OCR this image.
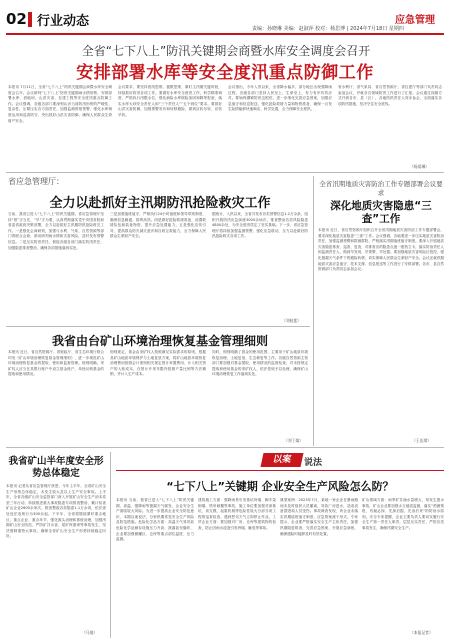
02 行业动态	应急管理
责编：孙晓琳 美编：赵淑萍 校对：杨思博 | 2024年7月18日 星期四
全省“七下八上”防汛关键期会商暨水库安全调度会召开
安排部署水库等安全度汛重点防御工作
本报讯 7月11日，全省“七下八上”防汛关键期会商暨水库安全调度会召开。会议研判“七下八上”防汛关键期雨水情形势，安排部署水库、淤地坝、山洪灾害、在建工程等安全度汛重点防御工作。会议强调，各级各部门要深刻认识当前防汛形势的严峻性、复杂性，压紧压实各方面责任，加强监测预报预警，强化水库调度运用和巡查防守，突出抓好山洪灾害防御，确保人民群众生命财产安全。
会议要求，要坚持底线思维、极限思维，紧盯主汛期关键时段，持续抓好防汛各项工作。要做好水库安全度汛工作，科学精准调度，严格执行汛限水位，强化病险水库除险加固和降等报废，落实水库大坝安全责任人和“三个责任人”“五个到位”要求。要抓好山洪灾害防御，加强预警发布和转移避险，做到应转尽转、应转早转。
会议指出，今年入汛以来，全省降水偏多，部分地区出现强降雨过程，各级各部门坚持人民至上、生命至上，有力有序有效应对。要始终绷紧防汛这根弦，进一步细化完善应急预案，加强应急值守和信息报送，强化抢险救援力量和物资准备，确保一旦发生险情能够快速响应、科学处置，全力保障安全度汛。
省水利厅、省气象局、省自然资源厅、省住建厅等部门负责同志参加会议，并就各自领域防汛工作进行了汇报。会议通过视频方式开到各市、县（区），各地防汛责任人同步参会，全面落实各项防汛措施，坚决守住安全底线。
（杨爱琳）
省应急管理厅：
全力以赴抓好主汛期防汛抢险救灾工作
当前，我省已进入“七下八上”防汛关键期，省应急管理厅坚持“预”字当先、“早”字为要，认真贯彻落实党中央国务院和省委省政府决策部署，全力以赴抓好主汛期防汛抢险救灾工作。一是强化会商研判，加强与水利、气象、自然资源等部门的联合会商，滚动研判雨水情和灾害风险，及时发布预警信息。二是压实防汛责任，督促各级各部门落实防汛责任，加强隐患排查整治，确保各项措施落到实处。
三是加强值班值守，严格执行24小时值班和领导带班制度，确保信息畅通、指挥高效。四是做好抢险救援准备，前置救援队伍和装备物资，提升应急处置能力。五是强化宣传引导，提高群众防灾减灾意识和自救互救能力，全力保障人民群众生命财产安全。
据统计，入汛以来，全省共发布各类预警信息1.2万余条，组织开展防汛应急演练3000余场次，排查整治各类风险隐患4800余处，为安全度汛奠定了坚实基础。下一步，省应急管理厅将持续加强监测预警，强化应急联动，全力以赴做好防汛抢险救灾各项工作。
（刘桂莲）
全省汛期地质灾害防治工作专题部署会议要求
深化地质灾害隐患“三查”工作
本报讯 近日，省自然资源厅组织召开全省汛期地质灾害防治工作专题部署会，要求深化地质灾害隐患“三查”工作。会议强调，各地要进一步压实地质灾害防治责任，加强监测预警和群测群防，严格落实汛期值班值守制度。要深入开展地质灾害隐患排查、巡查、复查，对排查出的隐患点逐一建档立卡，落实防治责任人和监测责任人，做到早发现、早预警、早处置。要加强地质灾害风险区管控，强化极端天气条件下的避险转移，切实保障人民群众生命财产安全。会议还就汛期地质灾害应急值守、技术支撑、信息报送等工作进行了安排部署。各市、县自然资源部门负责同志参加会议。
（王佳琪）
我省由台矿山环境治理恢复基金管理细则
本报讯 近日，省自然资源厅、省财政厅、省生态环境厅联合印发《矿山环境治理恢复基金管理细则》，进一步规范矿山环境治理恢复基金的提取、使用和监督管理。细则明确，采矿权人应当在其银行账户中设立基金账户，单独反映基金的提取和使用情况。
细则规定，基金由采矿权人按照满足实际需求的原则，根据其矿山地质环境保护与土地复垦方案，将矿山地质环境恢复治理费用按照会计准则相关规定预计弃置费用，计入相关资产的入账成本，在预计开采年限内按照产量比例等方法摊销，并计入生产成本。
同时，细则明确了基金的使用范围，主要用于矿山地质环境恢复治理、土地复垦、生态修复等工作。各级自然资源主管部门要加强对基金提取、使用情况的监督检查，对未按规定提取和使用基金的采矿权人，依法依规予以处理，确保矿山环境治理恢复工作落到实处。
（刘丁婧）
我省矿山半年度安全形势总体稳定
本报讯 记者从省应急管理厅获悉，今年上半年，全省矿山安全生产形势总体稳定，未发生较大及以上生产安全事故。上半年，全省各级矿山安全监管部门深入开展矿山安全生产治本攻坚三年行动，持续推进重大事故隐患专项排查整治，累计检查矿山企业2600余家次，排查整改各类隐患1.1万余项，依法查处违法违规行为300余起。下半年，全省将继续紧盯重点地区、重点企业、重点环节，强化源头治理和系统治理，加强汛期矿山安全防范，严防矿井水害、尾矿库溃坝等事故发生，坚决遏制重特大事故，确保全省矿山安全生产形势持续稳定向好。
（马倩）
以案	说法
“七下八上”关键期 企业安全生产风险怎么防？
本报讯 当前，我省已进入“七下八上”防汛关键期，高温、强降雨等极端天气频发，企业安全生产面临较大风险。为进一步提高企业安全防范意识，本期以案说法，分析汛期常见安全生产风险及防范措施。危险化学品方面：高温天气易导致危险化学品储存设施压力升高、泄漏甚至爆炸，企业要加强储罐区、仓库等重点部位温度、压力监测。
建筑施工方面：强降雨易引发基坑坍塌、脚手架倒塌、塔吊倾覆等事故，施工单位要加强对深基坑、高支模、起重机械等危险性较大分部分项工程的巡查检查，遇到恶劣天气立即停止作业。工贸企业方面：要加强对厂房、仓库等建筑物的检查，防止因雨水浸泡引发坍塌、触电等事故。
典型案例：2023年7月，某地一家企业在暴雨期间未及时组织人员撤离，导致厂房进水，造成设备损毁和人员受伤。事故调查发现，该企业未落实汛期值班值守制度，应急预案流于形式。专家提示，企业要严格落实安全生产主体责任，加强汛期隐患排查，完善应急预案，开展应急演练，确保遇险时能够及时有效处置。
矿山领域方面：雨季矿井涌水量增大，易发生透水事故，矿山企业要加强水文地质监测，落实“预测预报、有疑必探、先探后掘、先治后采”的防治水原则。安全专家提醒，企业主要负责人要切实履行安全生产第一责任人职责，层层压实责任，严防各类事故发生，确保汛期安全生产。
（本报记者）
